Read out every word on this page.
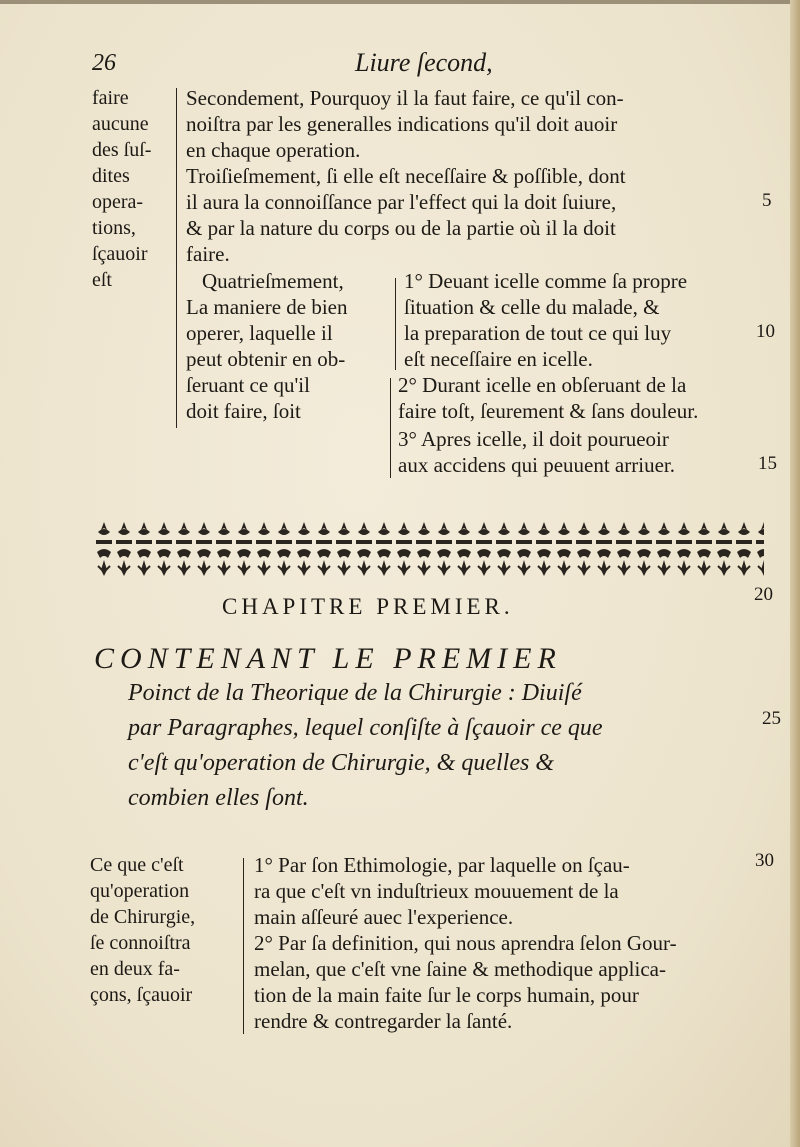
26	Liure ſecond,
faire
aucune
des ſuſ-
dites
opera-
tions,
ſçauoir
eſt
Secondement, Pourquoy il la faut faire, ce qu'il con-
noiſtra par les generalles indications qu'il doit auoir
en chaque operation.
Troiſieſmement, ſi elle eſt neceſſaire & poſſible, dont
il aura la connoiſſance par l'effect qui la doit ſuiure,
& par la nature du corps ou de la partie où il la doit
faire.
Quatrieſmement,
La maniere de bien
operer, laquelle il
peut obtenir en ob-
ſeruant ce qu'il
doit faire, ſoit
1° Deuant icelle comme ſa propre
ſituation & celle du malade, &
la preparation de tout ce qui luy
eſt neceſſaire en icelle.
2° Durant icelle en obſeruant de la
faire toſt, ſeurement & ſans douleur.
3° Apres icelle, il doit pourueoir
aux accidens qui peuuent arriuer.
5
10
15
20
25
30
CHAPITRE PREMIER.
CONTENANT LE PREMIER
Poinct de la Theorique de la Chirurgie : Diuiſé
par Paragraphes, lequel conſiſte à ſçauoir ce que
c'eſt qu'operation de Chirurgie, & quelles &
combien elles ſont.
Ce que c'eſt
qu'operation
de Chirurgie,
ſe connoiſtra
en deux fa-
çons, ſçauoir
1° Par ſon Ethimologie, par laquelle on ſçau-
ra que c'eſt vn induſtrieux mouuement de la
main aſſeuré auec l'experience.
2° Par ſa definition, qui nous aprendra ſelon Gour-
melan, que c'eſt vne ſaine & methodique applica-
tion de la main faite ſur le corps humain, pour
rendre & contregarder la ſanté.
